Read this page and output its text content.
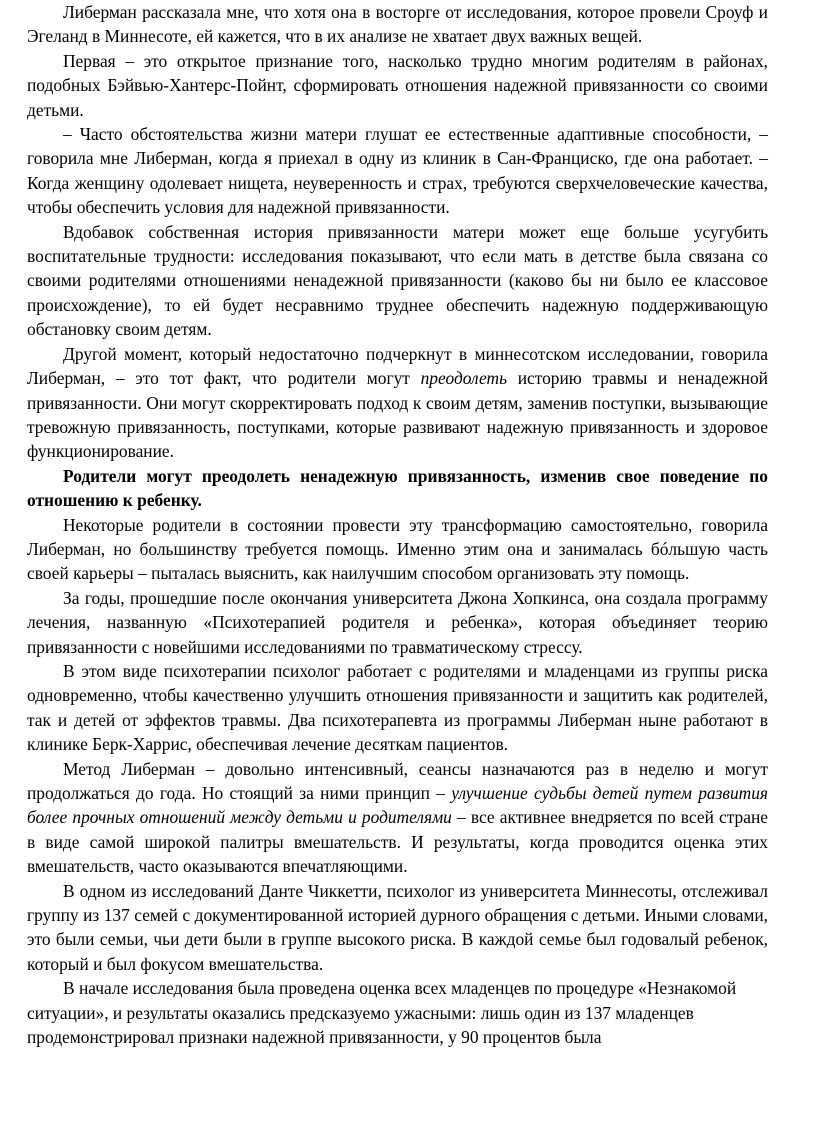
Либерман рассказала мне, что хотя она в восторге от исследования, которое провели Сроуф и Эгеланд в Миннесоте, ей кажется, что в их анализе не хватает двух важных вещей.

Первая – это открытое признание того, насколько трудно многим родителям в районах, подобных Бэйвью-Хантерс-Пойнт, сформировать отношения надежной привязанности со своими детьми.

– Часто обстоятельства жизни матери глушат ее естественные адаптивные способности, – говорила мне Либерман, когда я приехал в одну из клиник в Сан-Франциско, где она работает. – Когда женщину одолевает нищета, неуверенность и страх, требуются сверхчеловеческие качества, чтобы обеспечить условия для надежной привязанности.

Вдобавок собственная история привязанности матери может еще больше усугубить воспитательные трудности: исследования показывают, что если мать в детстве была связана со своими родителями отношениями ненадежной привязанности (каково бы ни было ее классовое происхождение), то ей будет несравнимо труднее обеспечить надежную поддерживающую обстановку своим детям.

Другой момент, который недостаточно подчеркнут в миннесотском исследовании, говорила Либерман, – это тот факт, что родители могут преодолеть историю травмы и ненадежной привязанности. Они могут скорректировать подход к своим детям, заменив поступки, вызывающие тревожную привязанность, поступками, которые развивают надежную привязанность и здоровое функционирование.

Родители могут преодолеть ненадежную привязанность, изменив свое поведение по отношению к ребенку.

Некоторые родители в состоянии провести эту трансформацию самостоятельно, говорила Либерман, но большинству требуется помощь. Именно этим она и занималась бóльшую часть своей карьеры – пыталась выяснить, как наилучшим способом организовать эту помощь.

За годы, прошедшие после окончания университета Джона Хопкинса, она создала программу лечения, названную «Психотерапией родителя и ребенка», которая объединяет теорию привязанности с новейшими исследованиями по травматическому стрессу.

В этом виде психотерапии психолог работает с родителями и младенцами из группы риска одновременно, чтобы качественно улучшить отношения привязанности и защитить как родителей, так и детей от эффектов травмы. Два психотерапевта из программы Либерман ныне работают в клинике Берк-Харрис, обеспечивая лечение десяткам пациентов.

Метод Либерман – довольно интенсивный, сеансы назначаются раз в неделю и могут продолжаться до года. Но стоящий за ними принцип – улучшение судьбы детей путем развития более прочных отношений между детьми и родителями – все активнее внедряется по всей стране в виде самой широкой палитры вмешательств. И результаты, когда проводится оценка этих вмешательств, часто оказываются впечатляющими.

В одном из исследований Данте Чиккетти, психолог из университета Миннесоты, отслеживал группу из 137 семей с документированной историей дурного обращения с детьми. Иными словами, это были семьи, чьи дети были в группе высокого риска. В каждой семье был годовалый ребенок, который и был фокусом вмешательства.

В начале исследования была проведена оценка всех младенцев по процедуре «Незнакомой ситуации», и результаты оказались предсказуемо ужасными: лишь один из 137 младенцев продемонстрировал признаки надежной привязанности, у 90 процентов была
